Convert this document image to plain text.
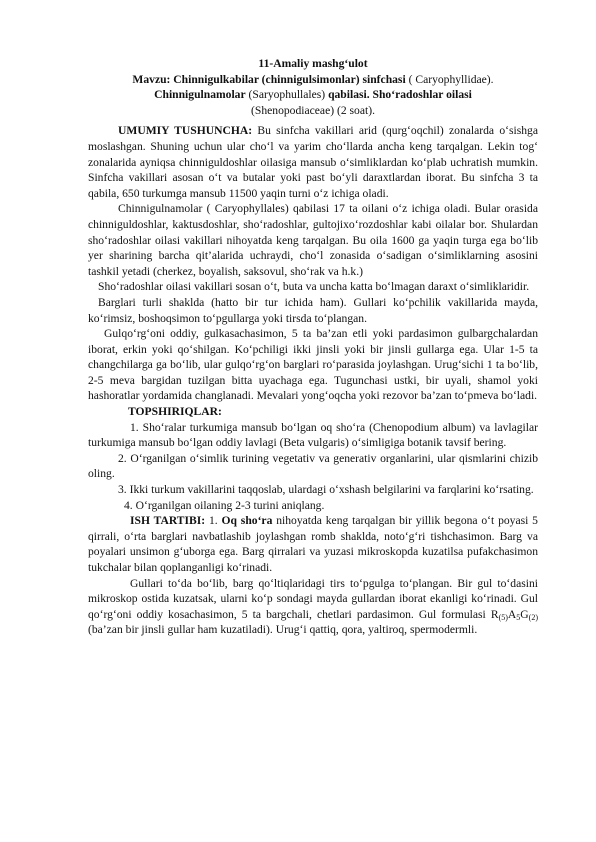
11-Amaliy mashg‘ulot
Mavzu: Chinnigulkabilar (chinnigulsimonlar) sinfchasi ( Caryophyllidae).
Chinnigulnamolar (Saryophullales) qabilasi. Sho‘radoshlar oilasi
(Shenopodiaceae) (2 soat).

UMUMIY TUSHUNCHA: Bu sinfcha vakillari arid (qurg‘oqchil) zonalarda o‘sishga moslashgan. Shuning uchun ular cho‘l va yarim cho‘llarda ancha keng tarqalgan. Lekin tog‘ zonalarida ayniqsa chinniguldoshlar oilasiga mansub o‘simliklardan ko‘plab uchratish mumkin. Sinfcha vakillari asosan o‘t va butalar yoki past bo‘yli daraxtlardan iborat. Bu sinfcha 3 ta qabila, 650 turkumga mansub 11500 yaqin turni o‘z ichiga oladi.

Chinnigulnamolar ( Caryophyllales) qabilasi 17 ta oilani o‘z ichiga oladi. Bular orasida chinniguldoshlar, kaktusdoshlar, sho‘radoshlar, gultojixo‘rozdoshlar kabi oilalar bor. Shulardan sho‘radoshlar oilasi vakillari nihoyatda keng tarqalgan. Bu oila 1600 ga yaqin turga ega bo‘lib yer sharining barcha qit’alarida uchraydi, cho‘l zonasida o‘sadigan o‘simliklarning asosini tashkil yetadi (cherkez, boyalish, saksovul, sho‘rak va h.k.)

Sho‘radoshlar oilasi vakillari sosan o‘t, buta va uncha katta bo‘lmagan daraxt o‘simliklaridir.

Barglari turli shaklda (hatto bir tur ichida ham). Gullari ko‘pchilik vakillarida mayda, ko‘rimsiz, boshoqsimon to‘pgullarga yoki tirsda to‘plangan.

Gulqo‘rg‘oni oddiy, gulkasachasimon, 5 ta ba’zan etli yoki pardasimon gulbargchalardan iborat, erkin yoki qo‘shilgan. Ko‘pchiligi ikki jinsli yoki bir jinsli gullarga ega. Ular 1-5 ta changchilarga ga bo‘lib, ular gulqo‘rg‘on barglari ro‘parasida joylashgan. Urug‘sichi 1 ta bo‘lib, 2-5 meva bargidan tuzilgan bitta uyachaga ega. Tugunchasi ustki, bir uyali, shamol yoki hashoratlar yordamida changlanadi. Mevalari yong‘oqcha yoki rezovor ba’zan to‘pmeva bo‘ladi.

TOPSHIRIQLAR:

1. Sho‘ralar turkumiga mansub bo‘lgan oq sho‘ra (Chenopodium album) va lavlagilar turkumiga mansub bo‘lgan oddiy lavlagi (Beta vulgaris) o‘simligiga botanik tavsif bering.

2. O‘rganilgan o‘simlik turining vegetativ va generativ organlarini, ular qismlarini chizib oling.

3. Ikki turkum vakillarini taqqoslab, ulardagi o‘xshash belgilarini va farqlarini ko‘rsating.

4. O‘rganilgan oilaning 2-3 turini aniqlang.

ISH TARTIBI: 1. Oq sho‘ra nihoyatda keng tarqalgan bir yillik begona o‘t poyasi 5 qirrali, o‘rta barglari navbatlashib joylashgan romb shaklda, noto‘g‘ri tishchasimon. Barg va poyalari unsimon g‘uborga ega. Barg qirralari va yuzasi mikroskopda kuzatilsa pufakchasimon tukchalar bilan qoplanganligi ko‘rinadi.

Gullari to‘da bo‘lib, barg qo‘ltiqlaridagi tirs to‘pgulga to‘plangan. Bir gul to‘dasini mikroskop ostida kuzatsak, ularni ko‘p sondagi mayda gullardan iborat ekanligi ko‘rinadi. Gul qo‘rg‘oni oddiy kosachasimon, 5 ta bargchali, chetlari pardasimon. Gul formulasi $R_{(5)}A_5G_{(2)}$ (ba’zan bir jinsli gullar ham kuzatiladi). Urug‘i qattiq, qora, yaltiroq, spermodermli.
